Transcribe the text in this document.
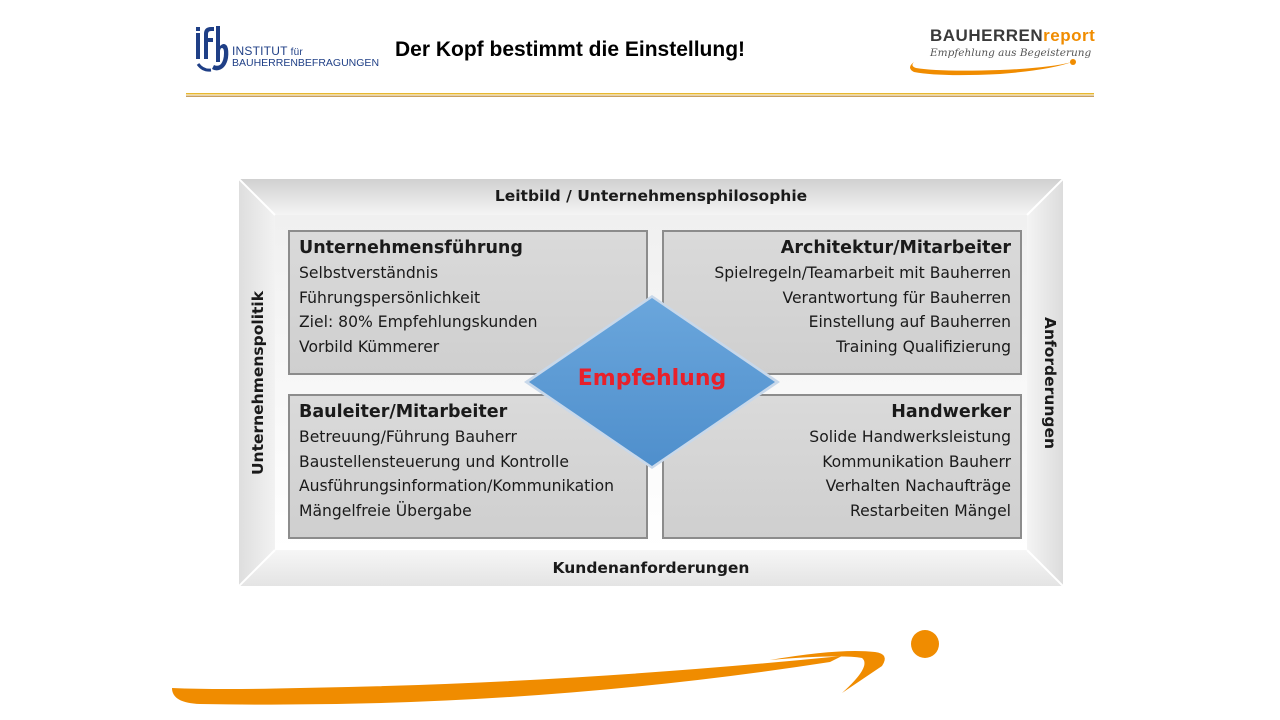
INSTITUT für
BAUHERRENBEFRAGUNGEN
Der Kopf bestimmt die Einstellung!
BAUHERRENreport
Empfehlung aus Begeisterung
Leitbild / Unternehmensphilosophie
Kundenanforderungen
Unternehmenspolitik	Anforderungen
Unternehmensführung
Selbstverständnis
Führungspersönlichkeit
Ziel: 80% Empfehlungskunden
Vorbild Kümmerer
Architektur/Mitarbeiter
Spielregeln/Teamarbeit mit Bauherren
Verantwortung für Bauherren
Einstellung auf Bauherren
Training Qualifizierung
Bauleiter/Mitarbeiter
Betreuung/Führung Bauherr
Baustellensteuerung und Kontrolle
Ausführungsinformation/Kommunikation
Mängelfreie Übergabe
Handwerker
Solide Handwerksleistung
Kommunikation Bauherr
Verhalten Nachaufträge
Restarbeiten Mängel
Empfehlung
